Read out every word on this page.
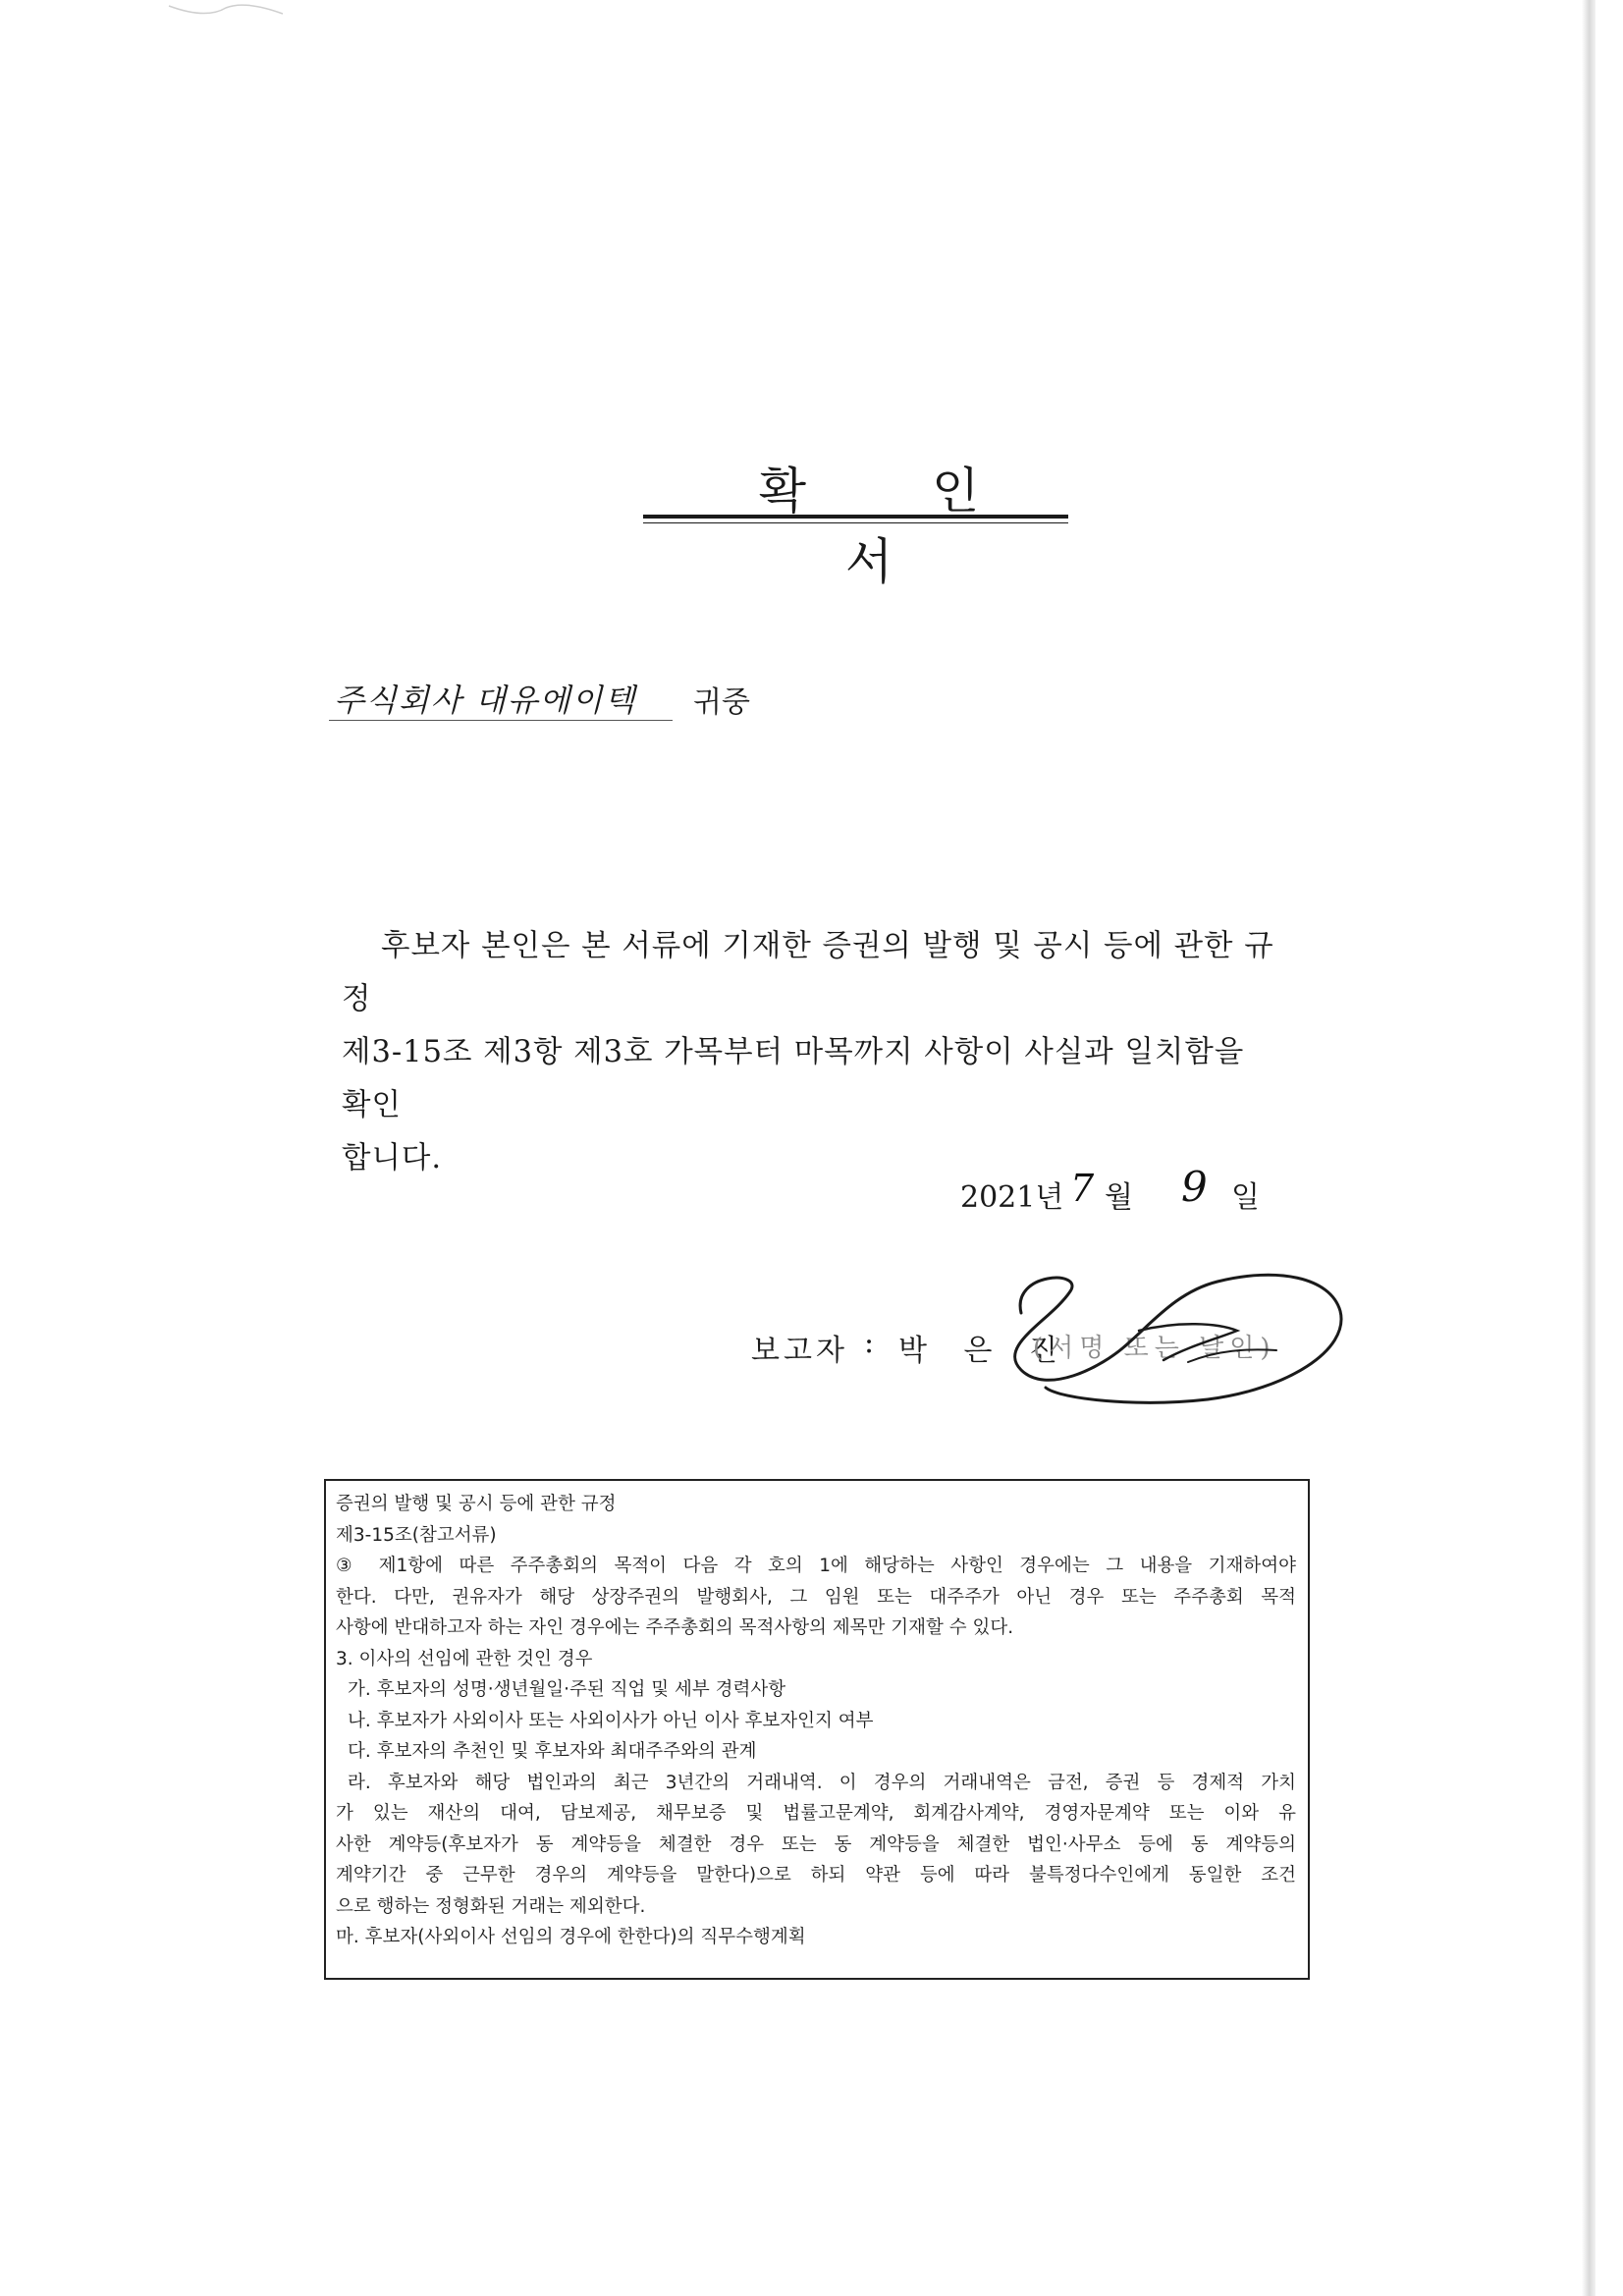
확 인 서
주식회사 대유에이텍 귀중
후보자 본인은 본 서류에 기재한 증권의 발행 및 공시 등에 관한 규정
제3-15조 제3항 제3호 가목부터 마목까지 사항이 사실과 일치함을 확인
합니다.
2021년 7 월 9 일
보고자 : 박 은 진
(서명 또는 날인)

증권의 발행 및 공시 등에 관한 규정

제3-15조(참고서류)

③ 제1항에 따른 주주총회의 목적이 다음 각 호의 1에 해당하는 사항인 경우에는 그 내용을 기재하여야

한다. 다만, 권유자가 해당 상장주권의 발행회사, 그 임원 또는 대주주가 아닌 경우 또는 주주총회 목적

사항에 반대하고자 하는 자인 경우에는 주주총회의 목적사항의 제목만 기재할 수 있다.

3. 이사의 선임에 관한 것인 경우

가. 후보자의 성명·생년월일·주된 직업 및 세부 경력사항

나. 후보자가 사외이사 또는 사외이사가 아닌 이사 후보자인지 여부

다. 후보자의 추천인 및 후보자와 최대주주와의 관계

라. 후보자와 해당 법인과의 최근 3년간의 거래내역. 이 경우의 거래내역은 금전, 증권 등 경제적 가치

가 있는 재산의 대여, 담보제공, 채무보증 및 법률고문계약, 회계감사계약, 경영자문계약 또는 이와 유

사한 계약등(후보자가 동 계약등을 체결한 경우 또는 동 계약등을 체결한 법인·사무소 등에 동 계약등의

계약기간 중 근무한 경우의 계약등을 말한다)으로 하되 약관 등에 따라 불특정다수인에게 동일한 조건

으로 행하는 정형화된 거래는 제외한다.

마. 후보자(사외이사 선임의 경우에 한한다)의 직무수행계획
